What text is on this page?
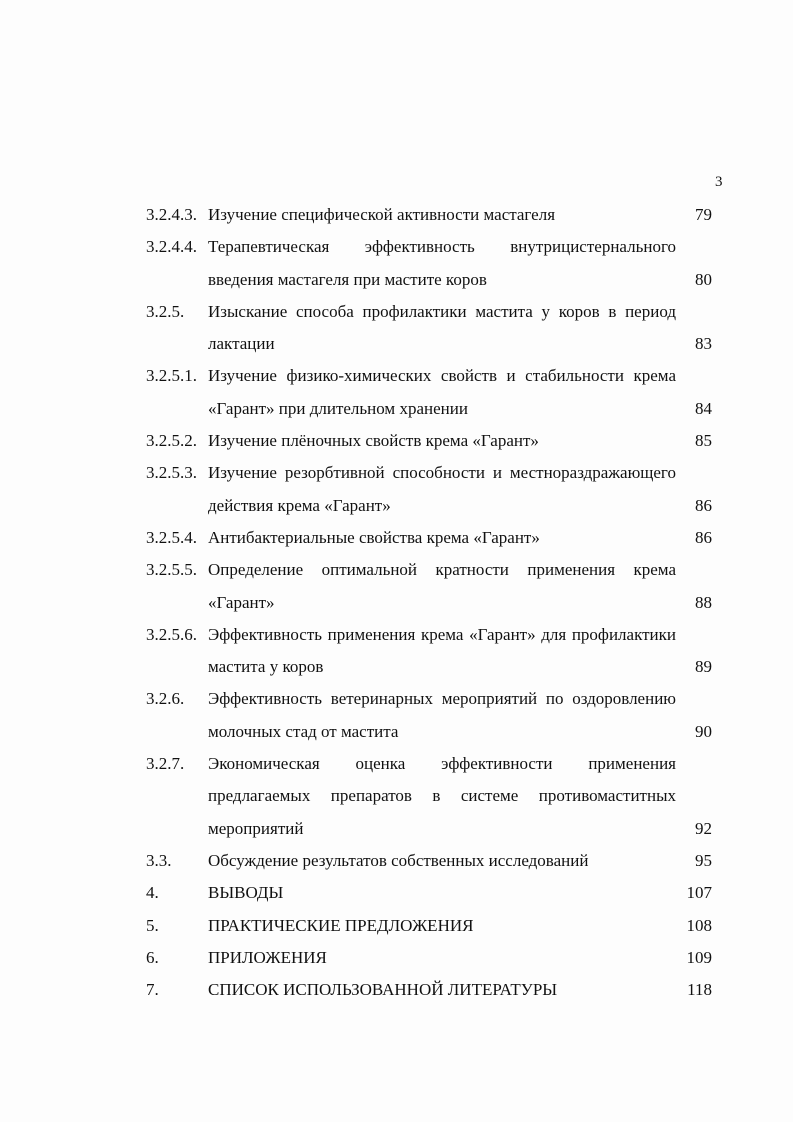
3
3.2.4.3. Изучение специфической активности мастагеля	79
3.2.4.4. Терапевтическая эффективность внутрицистернального введения мастагеля при мастите коров	80
3.2.5. Изыскание способа профилактики мастита у коров в период лактации	83
3.2.5.1. Изучение физико-химических свойств и стабильности крема «Гарант» при длительном хранении	84
3.2.5.2. Изучение плёночных свойств крема «Гарант»	85
3.2.5.3. Изучение резорбтивной способности и местнораздражающего действия крема «Гарант»	86
3.2.5.4. Антибактериальные свойства крема «Гарант»	86
3.2.5.5. Определение оптимальной кратности применения крема «Гарант»	88
3.2.5.6. Эффективность применения крема «Гарант» для профилактики мастита у коров	89
3.2.6. Эффективность ветеринарных мероприятий по оздоровлению молочных стад от мастита	90
3.2.7. Экономическая оценка эффективности применения предлагаемых препаратов в системе противомаститных мероприятий	92
3.3. Обсуждение результатов собственных исследований	95
4.	ВЫВОДЫ	107
5.	ПРАКТИЧЕСКИЕ ПРЕДЛОЖЕНИЯ	108
6.	ПРИЛОЖЕНИЯ	109
7.	СПИСОК ИСПОЛЬЗОВАННОЙ ЛИТЕРАТУРЫ	118
